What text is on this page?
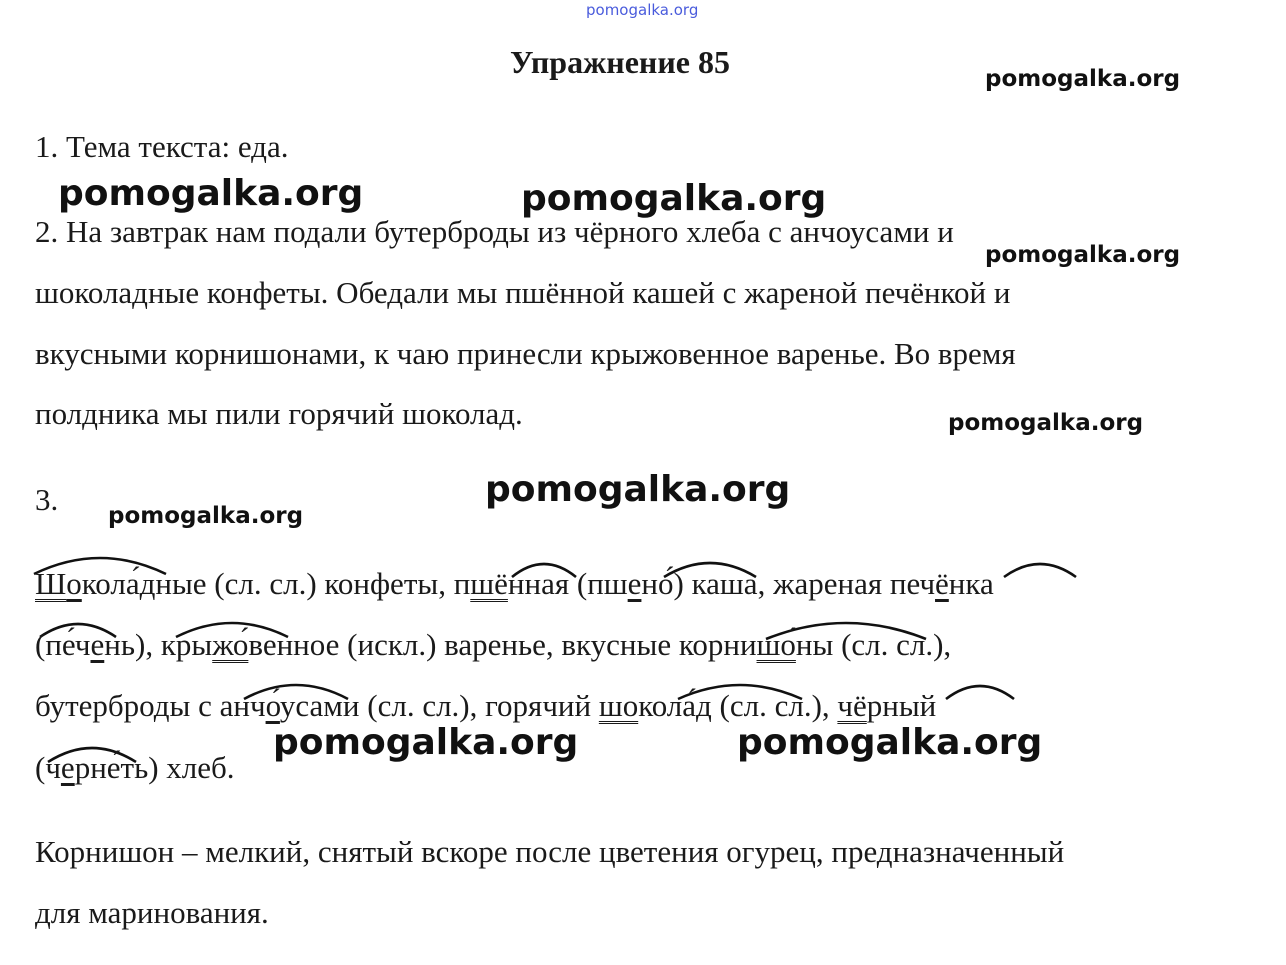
pomogalka.org
pomogalka.org
pomogalka.org	pomogalka.org
pomogalka.org
pomogalka.org
pomogalka.org
pomogalka.org
pomogalka.org	pomogalka.org
Упражнение 85
1. Тема текста: еда.
2. На завтрак нам подали бутерброды из чёрного хлеба с анчоусами и
шоколадные конфеты. Обедали мы пшённой кашей с жареной печёнкой и
вкусными корнишонами, к чаю принесли крыжовенное варенье. Во время
полдника мы пили горячий шоколад.
3.
Шокола́дные (сл. сл.) конфеты, пшённая (пшено́) каша, жареная печёнка
(пе́чень), крыжо́венное (искл.) варенье, вкусные корнишо́ны (сл. сл.),
бутерброды с анчо́усами (сл. сл.), горячий шокола́д (сл. сл.), чёрный
(черне́ть) хлеб.
Корнишон – мелкий, снятый вскоре после цветения огурец, предназначенный
для маринования.
